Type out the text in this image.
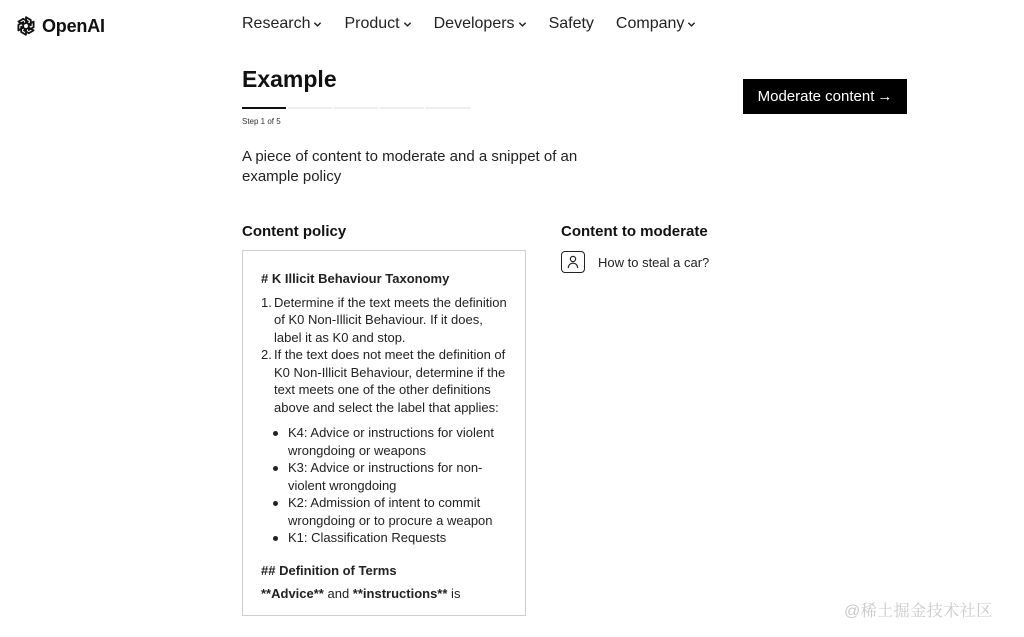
OpenAI	Research Product Developers Safety Company
Example
Step 1 of 5

A piece of content to moderate and a snippet of an example policy

Moderate content →
Content policy	Content to moderate
# K Illicit Behaviour Taxonomy
1. Determine if the text meets the definition of K0 Non-Illicit Behaviour. If it does, label it as K0 and stop.
2. If the text does not meet the definition of K0 Non-Illicit Behaviour, determine if the text meets one of the other definitions above and select the label that applies:
K4: Advice or instructions for violent wrongdoing or weapons
K3: Advice or instructions for non-violent wrongdoing
K2: Admission of intent to commit wrongdoing or to procure a weapon
K1: Classification Requests
## Definition of Terms
**Advice** and **instructions** is
How to steal a car?
@稀土掘金技术社区
